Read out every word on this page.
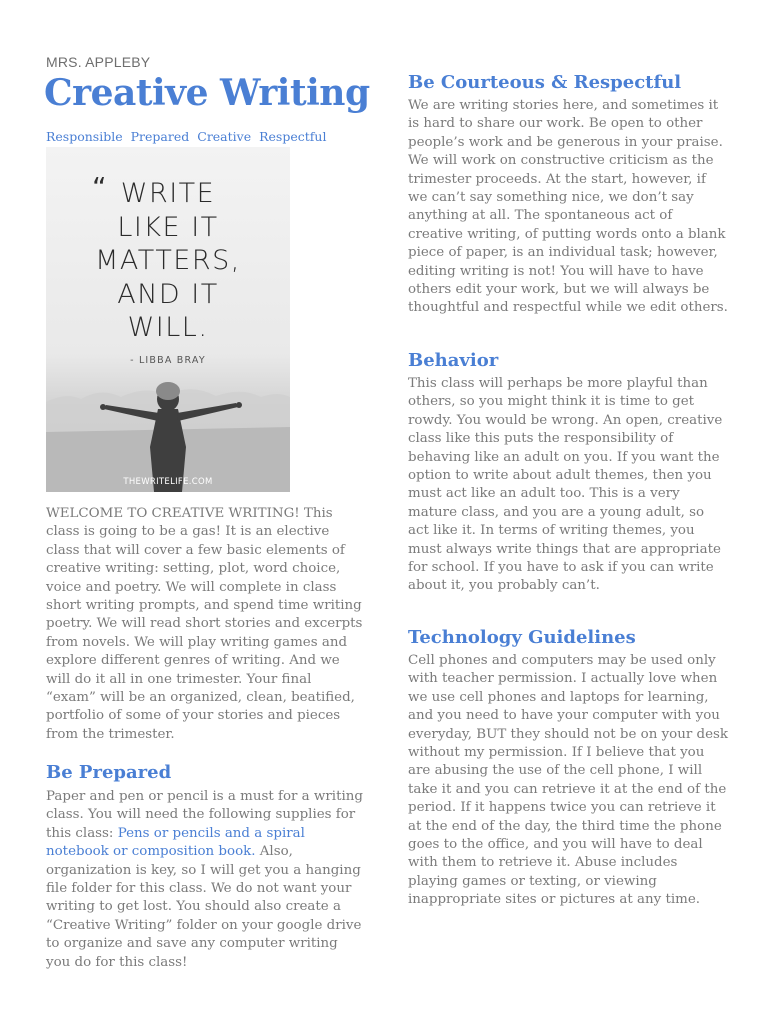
MRS. APPLEBY
Creative Writing
Responsible Prepared Creative Respectful
“ WRITE
LIKE IT
MATTERS,
AND IT
WILL.
- LIBBA BRAY
THEWRITELIFE.COM
WELCOME TO CREATIVE WRITING! This class is going to be a gas! It is an elective class that will cover a few basic elements of creative writing: setting, plot, word choice, voice and poetry. We will complete in class short writing prompts, and spend time writing poetry. We will read short stories and excerpts from novels. We will play writing games and explore different genres of writing. And we will do it all in one trimester. Your final “exam” will be an organized, clean, beatified, portfolio of some of your stories and pieces from the trimester.
Be Prepared
Paper and pen or pencil is a must for a writing class. You will need the following supplies for this class: Pens or pencils and a spiral notebook or composition book. Also, organization is key, so I will get you a hanging file folder for this class. We do not want your writing to get lost. You should also create a “Creative Writing” folder on your google drive to organize and save any computer writing you do for this class!
Be Courteous & Respectful
We are writing stories here, and sometimes it is hard to share our work. Be open to other people’s work and be generous in your praise. We will work on constructive criticism as the trimester proceeds. At the start, however, if we can’t say something nice, we don’t say anything at all. The spontaneous act of creative writing, of putting words onto a blank piece of paper, is an individual task; however, editing writing is not! You will have to have others edit your work, but we will always be thoughtful and respectful while we edit others.
Behavior
This class will perhaps be more playful than others, so you might think it is time to get rowdy. You would be wrong. An open, creative class like this puts the responsibility of behaving like an adult on you. If you want the option to write about adult themes, then you must act like an adult too. This is a very mature class, and you are a young adult, so act like it. In terms of writing themes, you must always write things that are appropriate for school. If you have to ask if you can write about it, you probably can’t.
Technology Guidelines
Cell phones and computers may be used only with teacher permission. I actually love when we use cell phones and laptops for learning, and you need to have your computer with you everyday, BUT they should not be on your desk without my permission. If I believe that you are abusing the use of the cell phone, I will take it and you can retrieve it at the end of the period. If it happens twice you can retrieve it at the end of the day, the third time the phone goes to the office, and you will have to deal with them to retrieve it. Abuse includes playing games or texting, or viewing inappropriate sites or pictures at any time.
